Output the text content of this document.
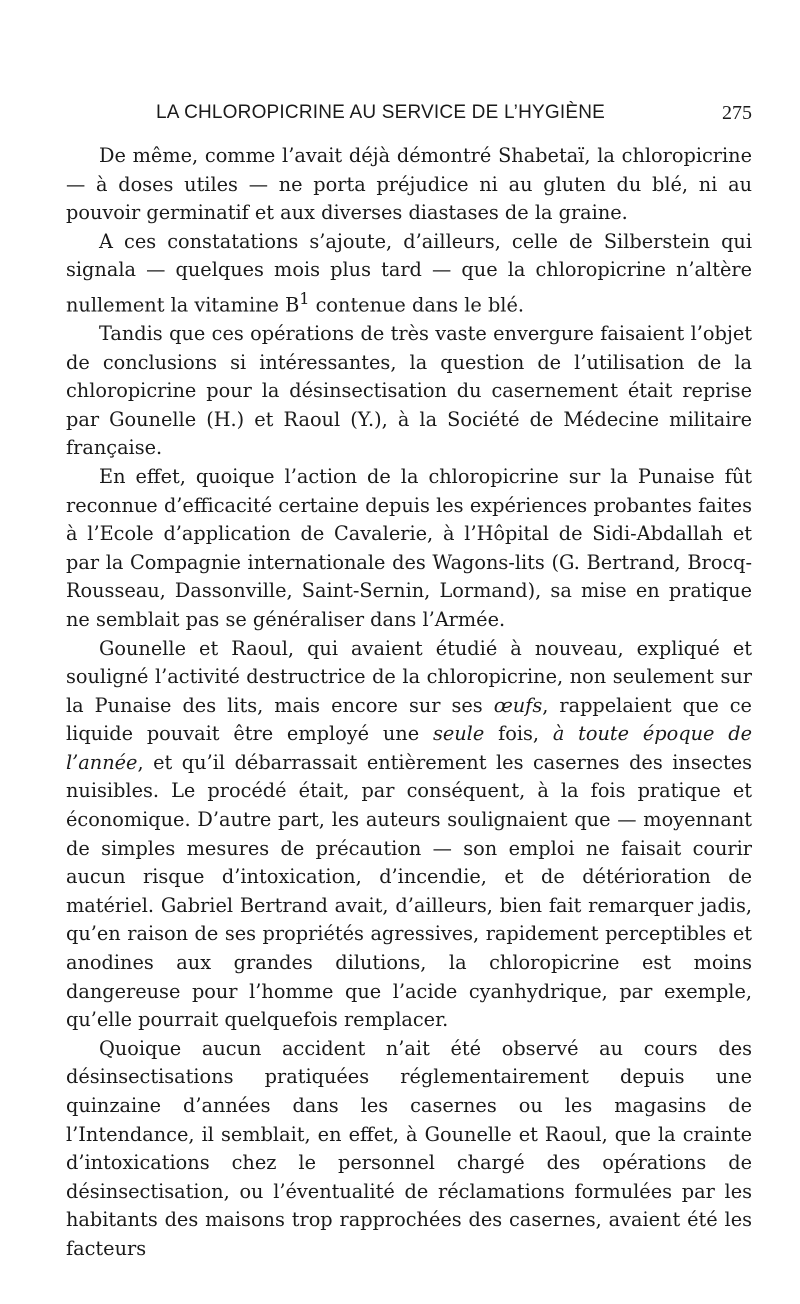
LA CHLOROPICRINE AU SERVICE DE L’HYGIÈNE	275

De même, comme l’avait déjà démontré Shabetaï, la chloropicrine — à doses utiles — ne porta préjudice ni au gluten du blé, ni au pouvoir germinatif et aux diverses diastases de la graine.

A ces constatations s’ajoute, d’ailleurs, celle de Silberstein qui signala — quelques mois plus tard — que la chloropicrine n’altère nullement la vitamine $B^1$ contenue dans le blé.

Tandis que ces opérations de très vaste envergure faisaient l’objet de conclusions si intéressantes, la question de l’utilisation de la chloropicrine pour la désinsectisation du casernement était reprise par Gounelle (H.) et Raoul (Y.), à la Société de Médecine militaire française.

En effet, quoique l’action de la chloropicrine sur la Punaise fût reconnue d’efficacité certaine depuis les expériences probantes faites à l’Ecole d’application de Cavalerie, à l’Hôpital de Sidi-Abdallah et par la Compagnie internationale des Wagons-lits (G. Bertrand, Brocq-Rousseau, Dassonville, Saint-Sernin, Lormand), sa mise en pratique ne semblait pas se généraliser dans l’Armée.

Gounelle et Raoul, qui avaient étudié à nouveau, expliqué et souligné l’activité destructrice de la chloropicrine, non seulement sur la Punaise des lits, mais encore sur ses œufs, rappelaient que ce liquide pouvait être employé une seule fois, à toute époque de l’année, et qu’il débarrassait entièrement les casernes des insectes nuisibles. Le procédé était, par conséquent, à la fois pratique et économique. D’autre part, les auteurs soulignaient que — moyennant de simples mesures de précaution — son emploi ne faisait courir aucun risque d’intoxication, d’incendie, et de détérioration de matériel. Gabriel Bertrand avait, d’ailleurs, bien fait remarquer jadis, qu’en raison de ses propriétés agressives, rapidement perceptibles et anodines aux grandes dilutions, la chloropicrine est moins dangereuse pour l’homme que l’acide cyanhydrique, par exemple, qu’elle pourrait quelquefois remplacer.

Quoique aucun accident n’ait été observé au cours des désinsectisations pratiquées réglementairement depuis une quinzaine d’années dans les casernes ou les magasins de l’Intendance, il semblait, en effet, à Gounelle et Raoul, que la crainte d’intoxications chez le personnel chargé des opérations de désinsectisation, ou l’éventualité de réclamations formulées par les habitants des maisons trop rapprochées des casernes, avaient été les facteurs
